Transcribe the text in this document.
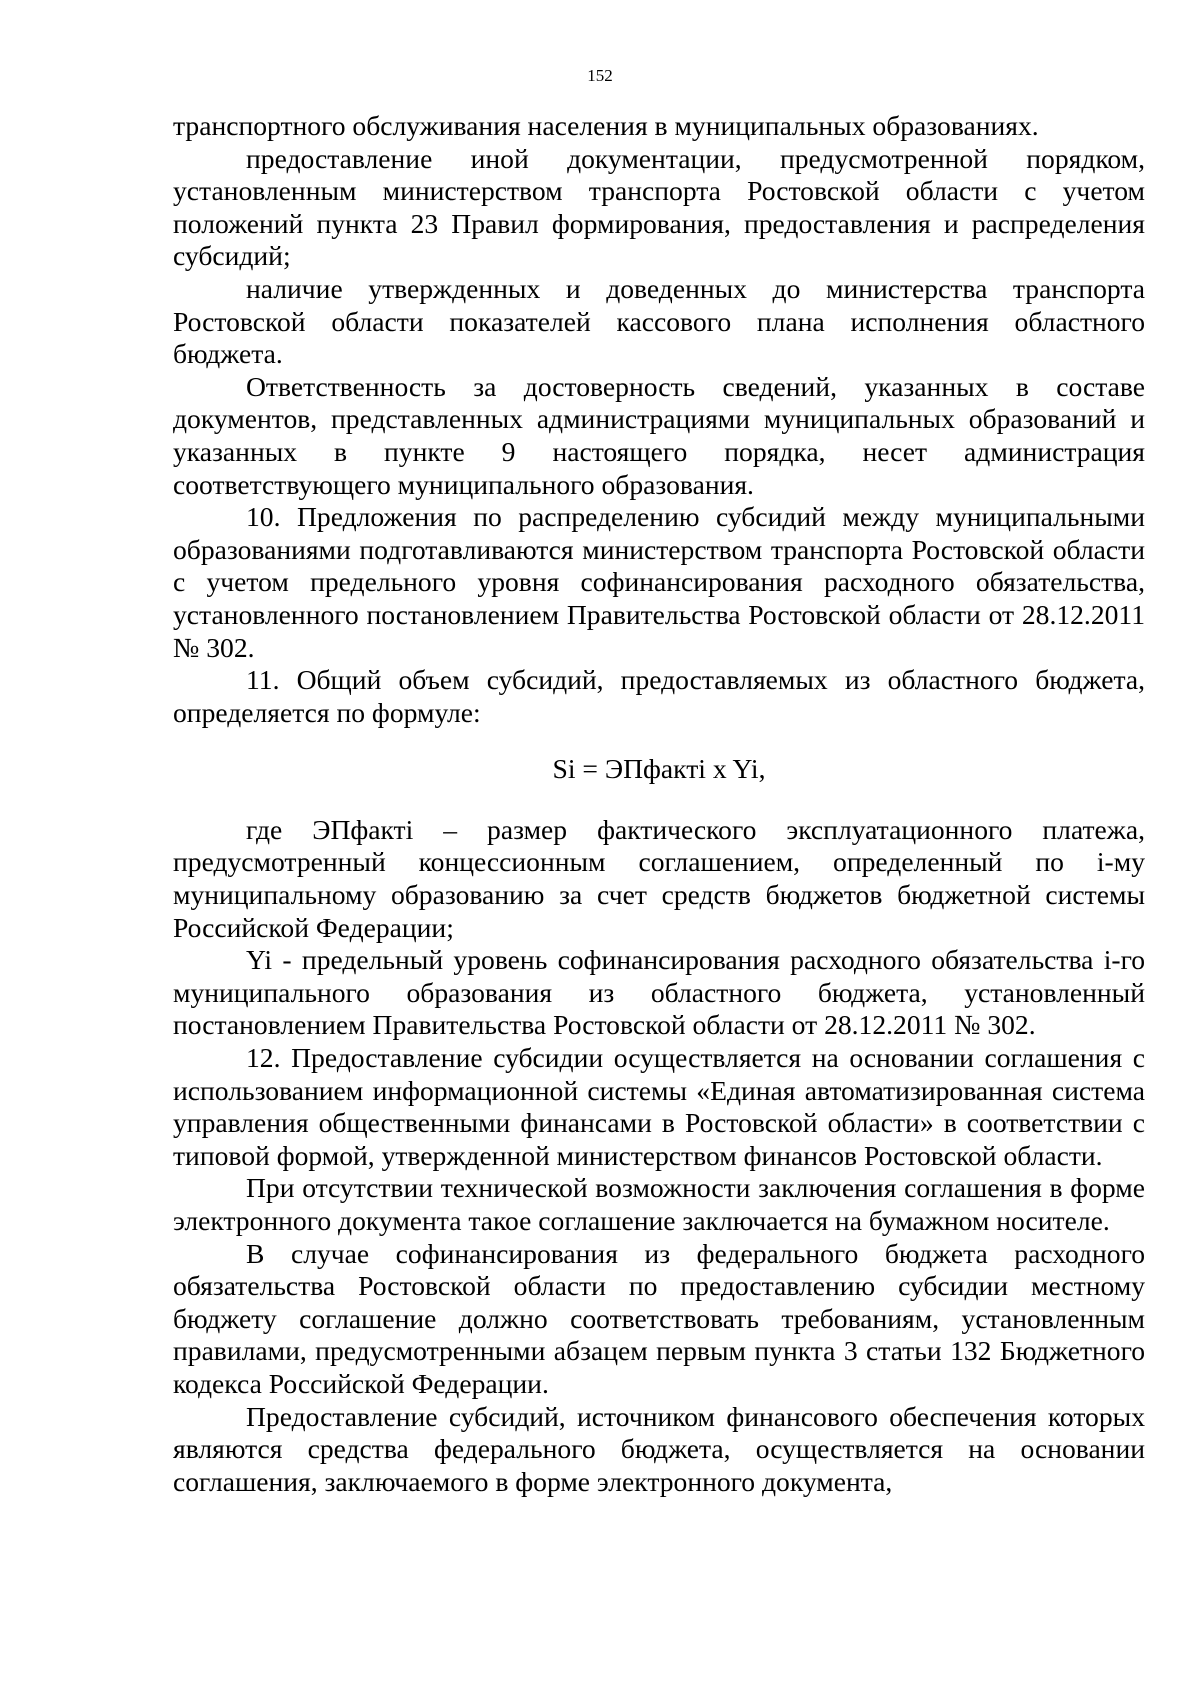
152

транспортного обслуживания населения в муниципальных образованиях.

предоставление иной документации, предусмотренной порядком, установленным министерством транспорта Ростовской области с учетом положений пункта 23 Правил формирования, предоставления и распределения субсидий;

наличие утвержденных и доведенных до министерства транспорта Ростовской области показателей кассового плана исполнения областного бюджета.

Ответственность за достоверность сведений, указанных в составе документов, представленных администрациями муниципальных образований и указанных в пункте 9 настоящего порядка, несет администрация соответствующего муниципального образования.

10. Предложения по распределению субсидий между муниципальными образованиями подготавливаются министерством транспорта Ростовской области с учетом предельного уровня софинансирования расходного обязательства, установленного постановлением Правительства Ростовской области от 28.12.2011 № 302.

11. Общий объем субсидий, предоставляемых из областного бюджета, определяется по формуле:

Si = ЭПфактi x Yi,

где ЭПфактi – размер фактического эксплуатационного платежа, предусмотренный концессионным соглашением, определенный по i-му муниципальному образованию за счет средств бюджетов бюджетной системы Российской Федерации;

Yi - предельный уровень софинансирования расходного обязательства i-го муниципального образования из областного бюджета, установленный постановлением Правительства Ростовской области от 28.12.2011 № 302.

12. Предоставление субсидии осуществляется на основании соглашения с использованием информационной системы «Единая автоматизированная система управления общественными финансами в Ростовской области» в соответствии с типовой формой, утвержденной министерством финансов Ростовской области.

При отсутствии технической возможности заключения соглашения в форме электронного документа такое соглашение заключается на бумажном носителе.

В случае софинансирования из федерального бюджета расходного обязательства Ростовской области по предоставлению субсидии местному бюджету соглашение должно соответствовать требованиям, установленным правилами, предусмотренными абзацем первым пункта 3 статьи 132 Бюджетного кодекса Российской Федерации.

Предоставление субсидий, источником финансового обеспечения которых являются средства федерального бюджета, осуществляется на основании соглашения, заключаемого в форме электронного документа,
